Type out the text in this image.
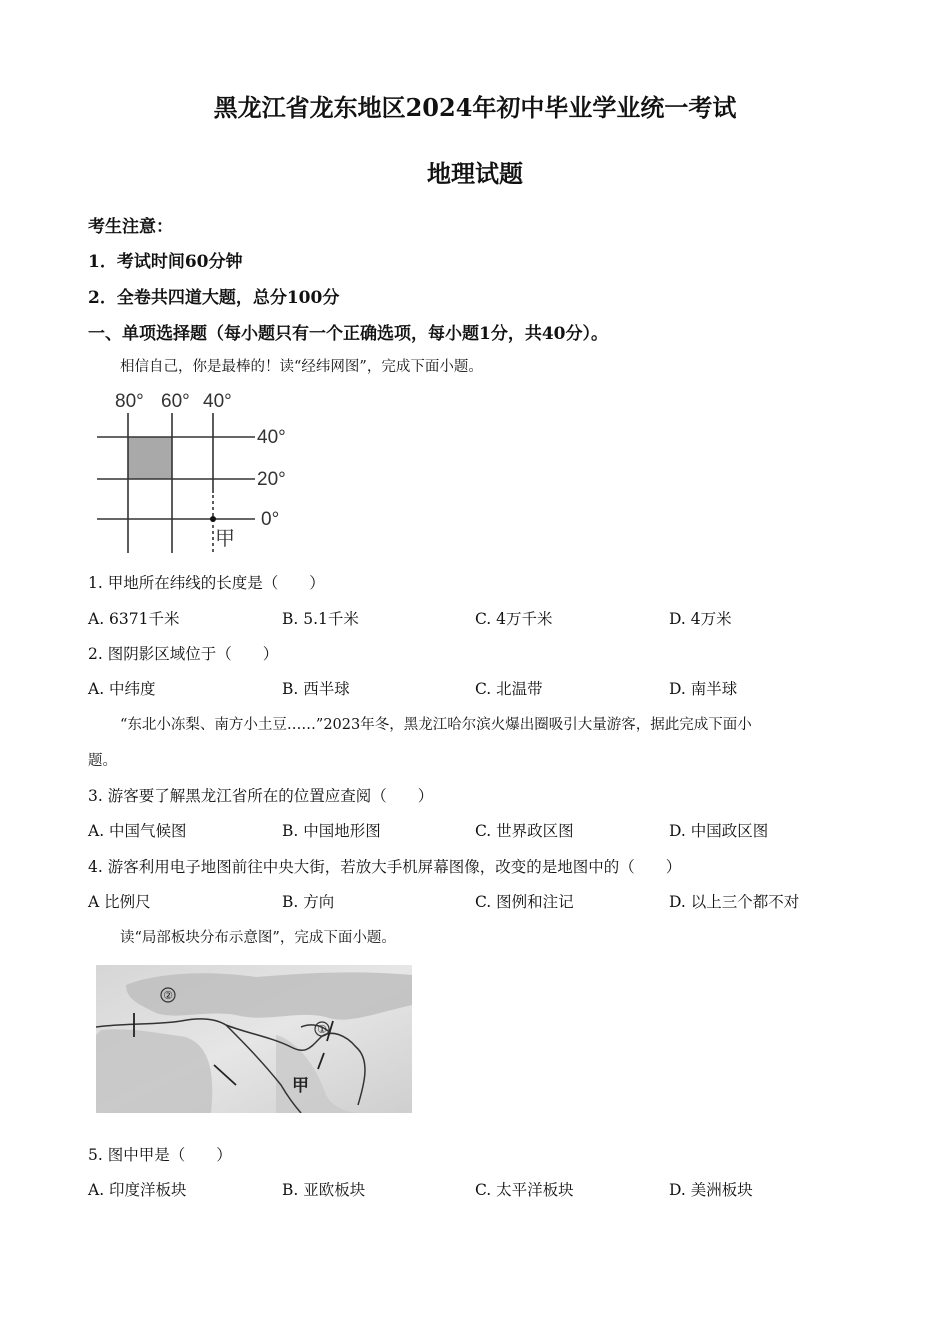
黑龙江省龙东地区2024年初中毕业学业统一考试
地理试题
考生注意：
1．考试时间60分钟
2．全卷共四道大题，总分100分
一、单项选择题（每小题只有一个正确选项，每小题1分，共40分）。
相信自己，你是最棒的！读“经纬网图”，完成下面小题。
80° 60° 40°
40°
20°
0°
甲
1. 甲地所在纬线的长度是（　　）
A. 6371千米	B. 5.1千米	C. 4万千米	D. 4万米
2. 图阴影区域位于（　　）
A. 中纬度	B. 西半球	C. 北温带	D. 南半球
“东北小冻梨、南方小土豆……”2023年冬，黑龙江哈尔滨火爆出圈吸引大量游客，据此完成下面小
题。
3. 游客要了解黑龙江省所在的位置应查阅（　　）
A. 中国气候图	B. 中国地形图	C. 世界政区图	D. 中国政区图
4. 游客利用电子地图前往中央大街，若放大手机屏幕图像，改变的是地图中的（　　）
A 比例尺	B. 方向	C. 图例和注记	D. 以上三个都不对
读“局部板块分布示意图”，完成下面小题。
②
①
甲
5. 图中甲是（　　）
A. 印度洋板块	B. 亚欧板块	C. 太平洋板块	D. 美洲板块
